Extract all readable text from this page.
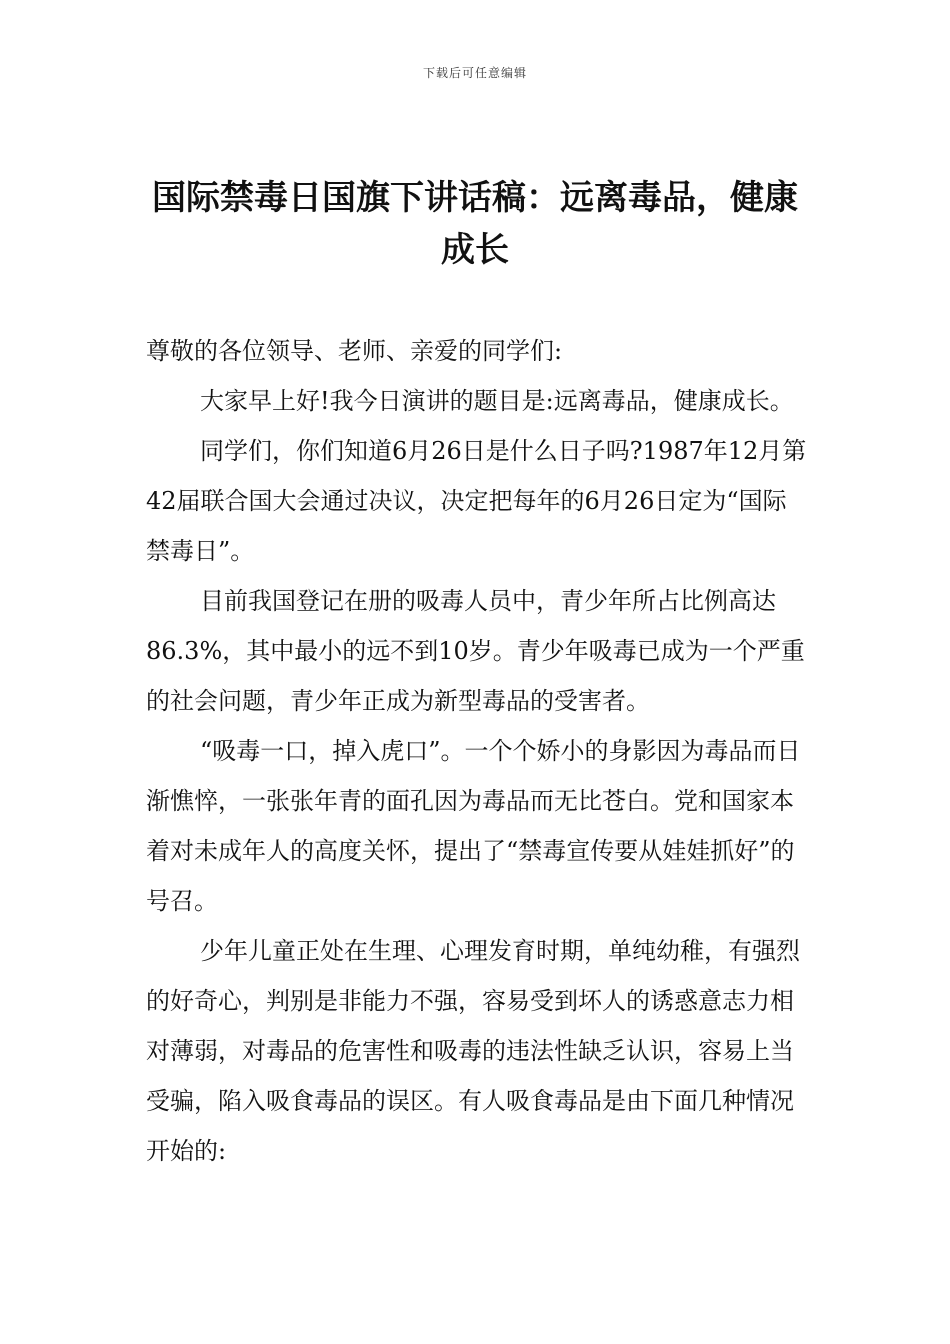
下载后可任意编辑
国际禁毒日国旗下讲话稿：远离毒品，健康成长

尊敬的各位领导、老师、亲爱的同学们:

大家早上好!我今日演讲的题目是:远离毒品，健康成长。

同学们，你们知道6月26日是什么日子吗?1987年12月第42届联合国大会通过决议，决定把每年的6月26日定为“国际禁毒日”。

目前我国登记在册的吸毒人员中，青少年所占比例高达86.3%，其中最小的远不到10岁。青少年吸毒已成为一个严重的社会问题，青少年正成为新型毒品的受害者。

“吸毒一口，掉入虎口”。一个个娇小的身影因为毒品而日渐憔悴，一张张年青的面孔因为毒品而无比苍白。党和国家本着对未成年人的高度关怀，提出了“禁毒宣传要从娃娃抓好”的号召。

少年儿童正处在生理、心理发育时期，单纯幼稚，有强烈的好奇心，判别是非能力不强，容易受到坏人的诱惑意志力相对薄弱，对毒品的危害性和吸毒的违法性缺乏认识，容易上当受骗，陷入吸食毒品的误区。有人吸食毒品是由下面几种情况开始的:
